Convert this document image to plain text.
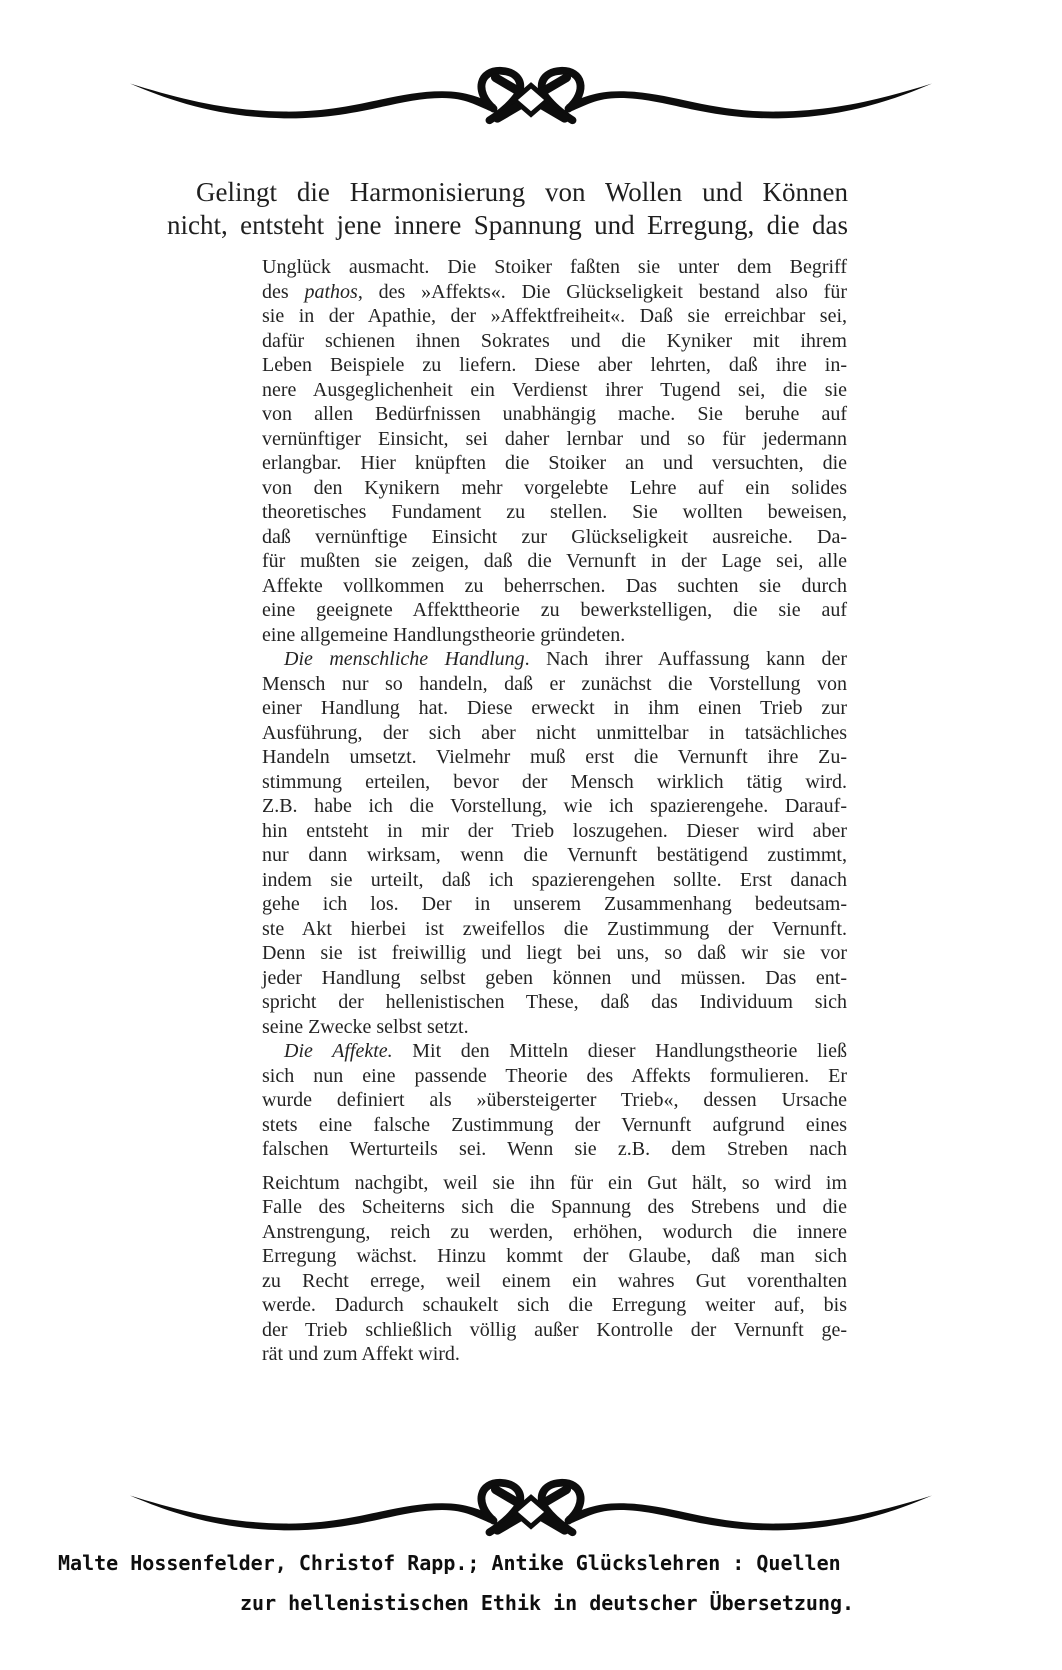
Gelingt die Harmonisierung von Wollen und Können
nicht, entsteht jene innere Spannung und Erregung, die das
Unglück ausmacht. Die Stoiker faßten sie unter dem Begriff
des pathos, des »Affekts«. Die Glückseligkeit bestand also für
sie in der Apathie, der »Affektfreiheit«. Daß sie erreichbar sei,
dafür schienen ihnen Sokrates und die Kyniker mit ihrem
Leben Beispiele zu liefern. Diese aber lehrten, daß ihre in-
nere Ausgeglichenheit ein Verdienst ihrer Tugend sei, die sie
von allen Bedürfnissen unabhängig mache. Sie beruhe auf
vernünftiger Einsicht, sei daher lernbar und so für jedermann
erlangbar. Hier knüpften die Stoiker an und versuchten, die
von den Kynikern mehr vorgelebte Lehre auf ein solides
theoretisches Fundament zu stellen. Sie wollten beweisen,
daß vernünftige Einsicht zur Glückseligkeit ausreiche. Da-
für mußten sie zeigen, daß die Vernunft in der Lage sei, alle
Affekte vollkommen zu beherrschen. Das suchten sie durch
eine geeignete Affekttheorie zu bewerkstelligen, die sie auf
eine allgemeine Handlungstheorie gründeten.
Die menschliche Handlung. Nach ihrer Auffassung kann der
Mensch nur so handeln, daß er zunächst die Vorstellung von
einer Handlung hat. Diese erweckt in ihm einen Trieb zur
Ausführung, der sich aber nicht unmittelbar in tatsächliches
Handeln umsetzt. Vielmehr muß erst die Vernunft ihre Zu-
stimmung erteilen, bevor der Mensch wirklich tätig wird.
Z.B. habe ich die Vorstellung, wie ich spazierengehe. Darauf-
hin entsteht in mir der Trieb loszugehen. Dieser wird aber
nur dann wirksam, wenn die Vernunft bestätigend zustimmt,
indem sie urteilt, daß ich spazierengehen sollte. Erst danach
gehe ich los. Der in unserem Zusammenhang bedeutsam-
ste Akt hierbei ist zweifellos die Zustimmung der Vernunft.
Denn sie ist freiwillig und liegt bei uns, so daß wir sie vor
jeder Handlung selbst geben können und müssen. Das ent-
spricht der hellenistischen These, daß das Individuum sich
seine Zwecke selbst setzt.
Die Affekte. Mit den Mitteln dieser Handlungstheorie ließ
sich nun eine passende Theorie des Affekts formulieren. Er
wurde definiert als »übersteigerter Trieb«, dessen Ursache
stets eine falsche Zustimmung der Vernunft aufgrund eines
falschen Werturteils sei. Wenn sie z.B. dem Streben nach
Reichtum nachgibt, weil sie ihn für ein Gut hält, so wird im
Falle des Scheiterns sich die Spannung des Strebens und die
Anstrengung, reich zu werden, erhöhen, wodurch die innere
Erregung wächst. Hinzu kommt der Glaube, daß man sich
zu Recht errege, weil einem ein wahres Gut vorenthalten
werde. Dadurch schaukelt sich die Erregung weiter auf, bis
der Trieb schließlich völlig außer Kontrolle der Vernunft ge-
rät und zum Affekt wird.
Malte Hossenfelder, Christof Rapp.; Antike Glückslehren : Quellen
zur hellenistischen Ethik in deutscher Übersetzung.
